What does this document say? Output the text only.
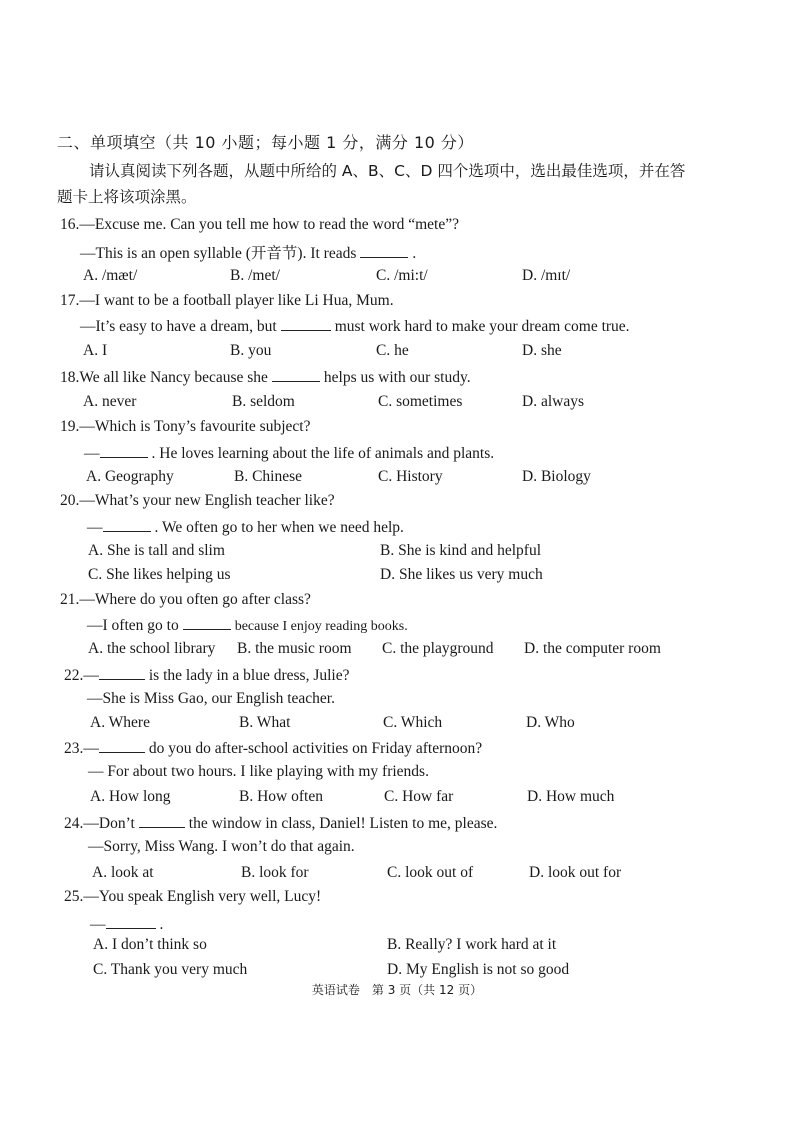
二、单项填空（共 10 小题；每小题 1 分，满分 10 分）
请认真阅读下列各题，从题中所给的 A、B、C、D 四个选项中，选出最佳选项，并在答题卡上将该项涂黑。
16.—Excuse me. Can you tell me how to read the word “mete”?
—This is an open syllable (开音节). It reads	.
A. /mæt/	B. /met/	C. /mi:t/	D. /mɪt/
17.—I want to be a football player like Li Hua, Mum.
—It’s easy to have a dream, but	must work hard to make your dream come true.
A. I	B. you	C. he	D. she
18.We all like Nancy because she	helps us with our study.
A. never	B. seldom	C. sometimes	D. always
19.—Which is Tony’s favourite subject?
—	. He loves learning about the life of animals and plants.
A. Geography	B. Chinese	C. History	D. Biology
20.—What’s your new English teacher like?
—	. We often go to her when we need help.
A. She is tall and slim	B. She is kind and helpful
C. She likes helping us	D. She likes us very much
21.—Where do you often go after class?
—I often go to	because I enjoy reading books.
A. the school library B. the music room C. the playground D. the computer room
22.—	is the lady in a blue dress, Julie?
—She is Miss Gao, our English teacher.
A. Where	B. What	C. Which	D. Who
23.—	do you do after-school activities on Friday afternoon?
— For about two hours. I like playing with my friends.
A. How long	B. How often	C. How far	D. How much
24.—Don’t	the window in class, Daniel! Listen to me, please.
—Sorry, Miss Wang. I won’t do that again.
A. look at	B. look for	C. look out of	D. look out for
25.—You speak English very well, Lucy!
—	.
A. I don’t think so	B. Really? I work hard at it
C. Thank you very much	D. My English is not so good
英语试卷　第 3 页（共 12 页）
